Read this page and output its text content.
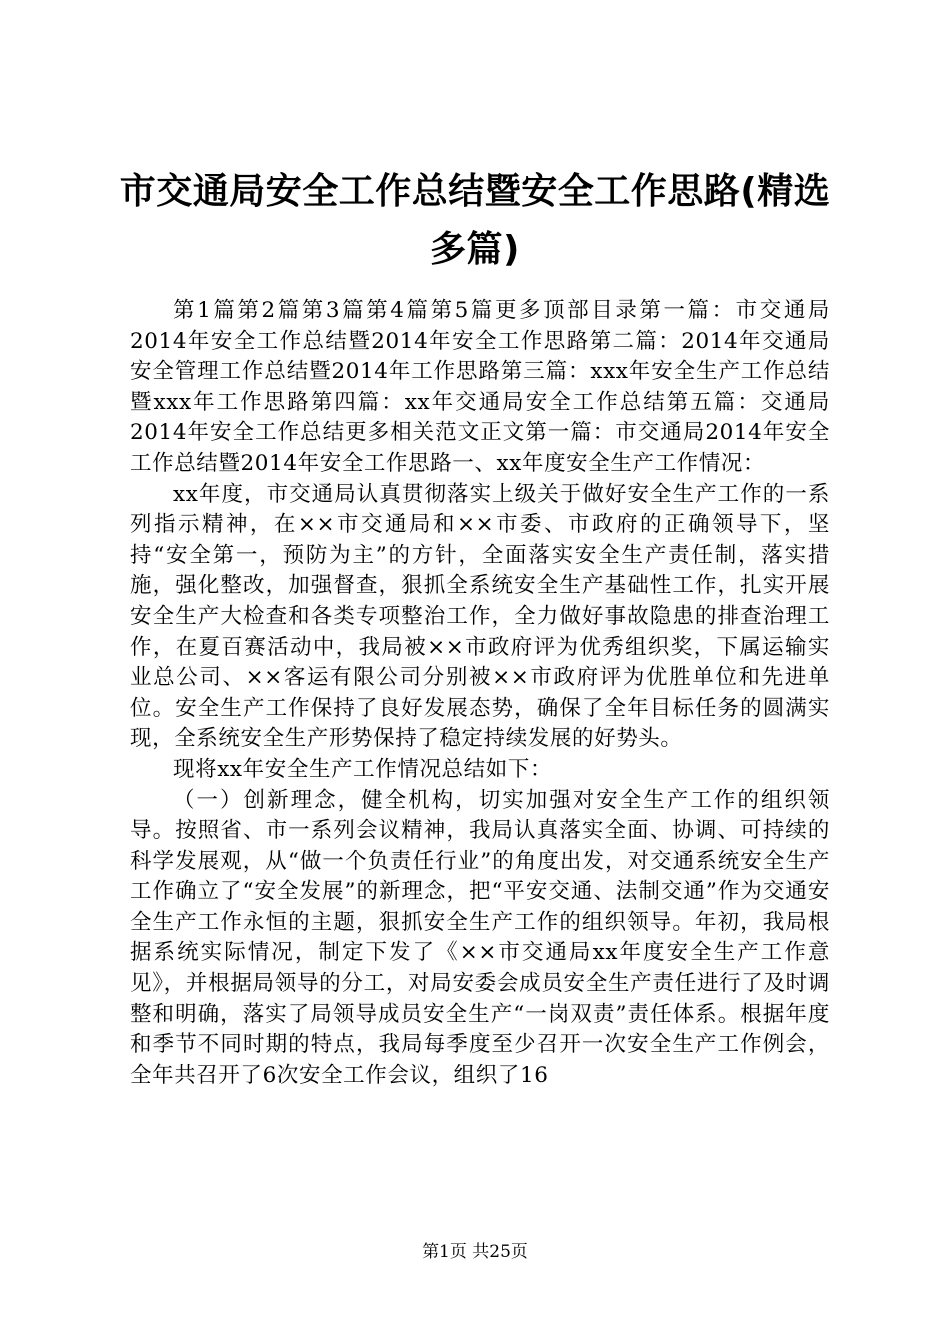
市交通局安全工作总结暨安全工作思路(精选多篇)

第1篇第2篇第3篇第4篇第5篇更多顶部目录第一篇：市交通局2014年安全工作总结暨2014年安全工作思路第二篇：2014年交通局安全管理工作总结暨2014年工作思路第三篇：xxx年安全生产工作总结暨xxx年工作思路第四篇：xx年交通局安全工作总结第五篇：交通局2014年安全工作总结更多相关范文正文第一篇：市交通局2014年安全工作总结暨2014年安全工作思路一、xx年度安全生产工作情况：

xx年度，市交通局认真贯彻落实上级关于做好安全生产工作的一系列指示精神，在××市交通局和××市委、市政府的正确领导下，坚持“安全第一，预防为主”的方针，全面落实安全生产责任制，落实措施，强化整改，加强督查，狠抓全系统安全生产基础性工作，扎实开展安全生产大检查和各类专项整治工作，全力做好事故隐患的排查治理工作，在夏百赛活动中，我局被××市政府评为优秀组织奖，下属运输实业总公司、××客运有限公司分别被××市政府评为优胜单位和先进单位。安全生产工作保持了良好发展态势，确保了全年目标任务的圆满实现，全系统安全生产形势保持了稳定持续发展的好势头。

现将xx年安全生产工作情况总结如下：

（一）创新理念，健全机构，切实加强对安全生产工作的组织领导。按照省、市一系列会议精神，我局认真落实全面、协调、可持续的科学发展观，从“做一个负责任行业”的角度出发，对交通系统安全生产工作确立了“安全发展”的新理念，把“平安交通、法制交通”作为交通安全生产工作永恒的主题，狠抓安全生产工作的组织领导。年初，我局根据系统实际情况，制定下发了《××市交通局xx年度安全生产工作意见》，并根据局领导的分工，对局安委会成员安全生产责任进行了及时调整和明确，落实了局领导成员安全生产“一岗双责”责任体系。根据年度和季节不同时期的特点，我局每季度至少召开一次安全生产工作例会，全年共召开了6次安全工作会议，组织了16

第1页 共25页
